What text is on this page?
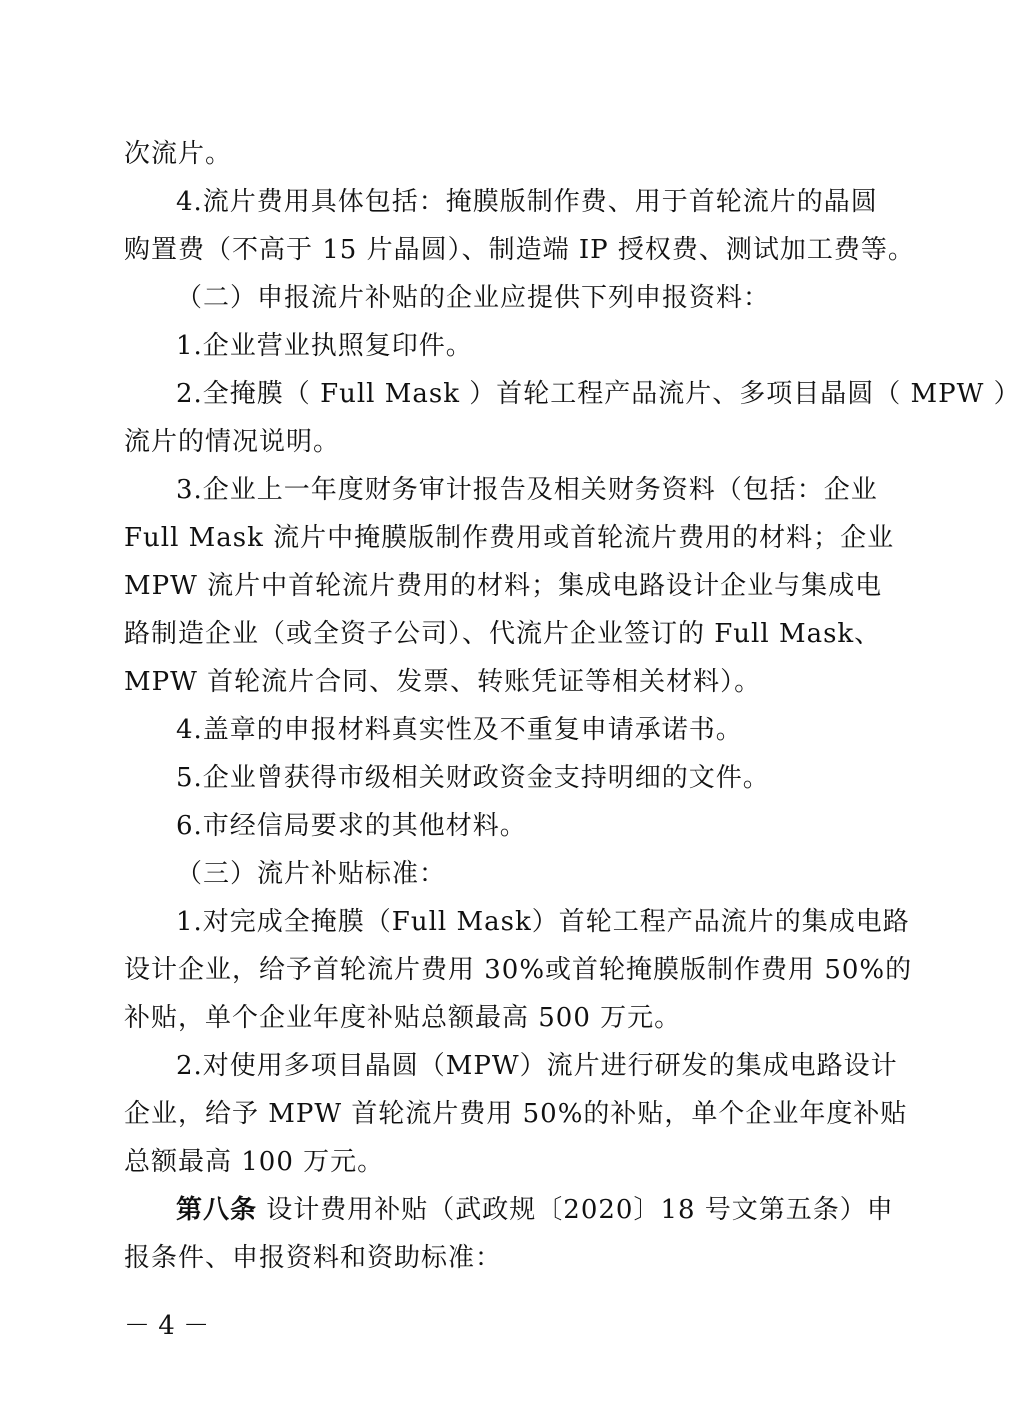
次流片。
4.流片费用具体包括：掩膜版制作费、用于首轮流片的晶圆
购置费（不高于 15 片晶圆）、制造端 IP 授权费、测试加工费等。
（二）申报流片补贴的企业应提供下列申报资料：
1.企业营业执照复印件。
2.全掩膜（ Full Mask ）首轮工程产品流片、多项目晶圆（ MPW ）
流片的情况说明。
3.企业上一年度财务审计报告及相关财务资料（包括：企业
Full Mask 流片中掩膜版制作费用或首轮流片费用的材料；企业
MPW 流片中首轮流片费用的材料；集成电路设计企业与集成电
路制造企业（或全资子公司）、代流片企业签订的 Full Mask、
MPW 首轮流片合同、发票、转账凭证等相关材料）。
4.盖章的申报材料真实性及不重复申请承诺书。
5.企业曾获得市级相关财政资金支持明细的文件。
6.市经信局要求的其他材料。
（三）流片补贴标准：
1.对完成全掩膜（Full Mask）首轮工程产品流片的集成电路
设计企业，给予首轮流片费用 30%或首轮掩膜版制作费用 50%的
补贴，单个企业年度补贴总额最高 500 万元。
2.对使用多项目晶圆（MPW）流片进行研发的集成电路设计
企业，给予 MPW 首轮流片费用 50%的补贴，单个企业年度补贴
总额最高 100 万元。
第八条 设计费用补贴（武政规〔2020〕18 号文第五条）申
报条件、申报资料和资助标准：
－ 4 －
